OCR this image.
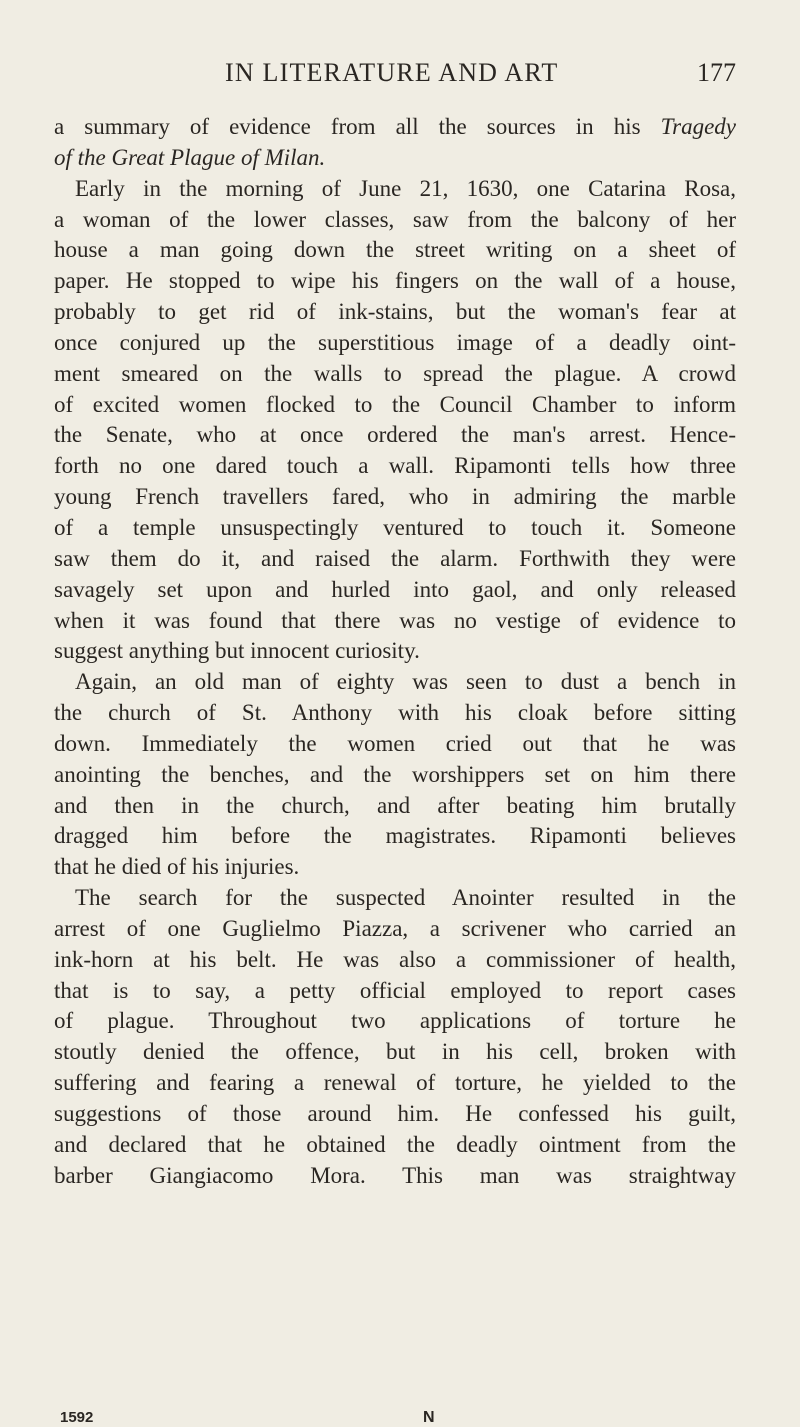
IN LITERATURE AND ART	177
a summary of evidence from all the sources in his Tragedy
of the Great Plague of Milan.
Early in the morning of June 21, 1630, one Catarina Rosa,
a woman of the lower classes, saw from the balcony of her
house a man going down the street writing on a sheet of
paper. He stopped to wipe his fingers on the wall of a house,
probably to get rid of ink-stains, but the woman's fear at
once conjured up the superstitious image of a deadly oint-
ment smeared on the walls to spread the plague. A crowd
of excited women flocked to the Council Chamber to inform
the Senate, who at once ordered the man's arrest. Hence-
forth no one dared touch a wall. Ripamonti tells how three
young French travellers fared, who in admiring the marble
of a temple unsuspectingly ventured to touch it. Someone
saw them do it, and raised the alarm. Forthwith they were
savagely set upon and hurled into gaol, and only released
when it was found that there was no vestige of evidence to
suggest anything but innocent curiosity.
Again, an old man of eighty was seen to dust a bench in
the church of St. Anthony with his cloak before sitting
down. Immediately the women cried out that he was
anointing the benches, and the worshippers set on him there
and then in the church, and after beating him brutally
dragged him before the magistrates. Ripamonti believes
that he died of his injuries.
The search for the suspected Anointer resulted in the
arrest of one Guglielmo Piazza, a scrivener who carried an
ink-horn at his belt. He was also a commissioner of health,
that is to say, a petty official employed to report cases
of plague. Throughout two applications of torture he
stoutly denied the offence, but in his cell, broken with
suffering and fearing a renewal of torture, he yielded to the
suggestions of those around him. He confessed his guilt,
and declared that he obtained the deadly ointment from the
barber Giangiacomo Mora. This man was straightway
1592	N
